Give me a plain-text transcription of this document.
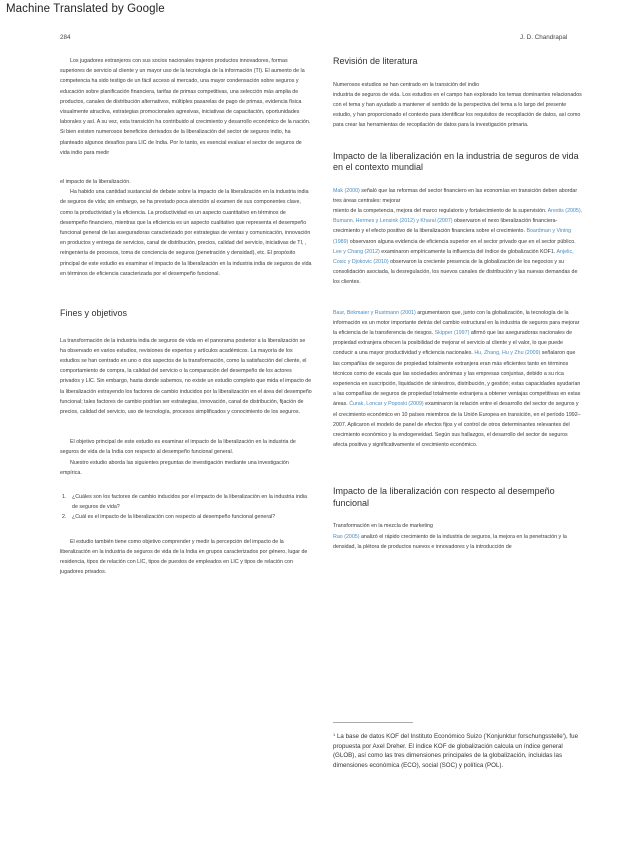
Machine Translated by Google
284	J. D. Chandrapal

Los jugadores extranjeros con sus socios nacionales trajeron productos innovadores, formas superiores de servicio al cliente y un mayor uso de la tecnología de la información (TI). El aumento de la competencia ha sido testigo de un fácil acceso al mercado, una mayor condensación sobre seguros y educación sobre planificación financiera, tarifas de primas competitivas, una selección más amplia de productos, canales de distribución alternativos, múltiples pasarelas de pago de primas, evidencia física visualmente atractiva, estrategias promocionales agresivas, iniciativas de capacitación, oportunidades laborales y así. A su vez, esta transición ha contribuido al crecimiento y desarrollo económico de la nación. Si bien existen numerosos beneficios derivados de la liberalización del sector de seguros indio, ha planteado algunos desafíos para LIC de India. Por lo tanto, es esencial evaluar el sector de seguros de vida indio para medir

el impacto de la liberalización.

Ha habido una cantidad sustancial de debate sobre la impacto de la liberalización en la industria india de seguros de vida; sin embargo, se ha prestado poca atención al examen de sus componentes clave, como la productividad y la eficiencia. La productividad es un aspecto cuantitativo en términos de desempeño financiero, mientras que la eficiencia es un aspecto cualitativo que representa el desempeño funcional general de las aseguradoras caracterizado por estrategias de ventas y comunicación, innovación en productos y entrega de servicios, canal de distribución, precios, calidad del servicio, iniciativas de TI, , reingeniería de procesos, toma de conciencia de seguros (penetración y densidad), etc. El propósito principal de este estudio es examinar el impacto de la liberalización en la industria india de seguros de vida en términos de eficiencia caracterizada por el desempeño funcional.

Fines y objetivos

La transformación de la industria india de seguros de vida en el panorama posterior a la liberalización se ha observado en varios estudios, revisiones de expertos y artículos académicos. La mayoría de los estudios se han centrado en uno o dos aspectos de la transformación, como la satisfacción del cliente, el comportamiento de compra, la calidad del servicio o la comparación del desempeño de los actores privados y LIC. Sin embargo, hasta donde sabemos, no existe un estudio completo que mida el impacto de la liberalización extrayendo los factores de cambio inducidos por la liberalización en el área del desempeño funcional; tales factores de cambio podrían ser estrategias, innovación, canal de distribución, fijación de precios, calidad del servicio, uso de tecnología, procesos simplificados y conocimiento de los seguros.

El objetivo principal de este estudio es examinar el impacto de la liberalización en la industria de seguros de vida de la India con respecto al desempeño funcional general.

Nuestro estudio aborda las siguientes preguntas de investigación mediante una investigación empírica.

1. ¿Cuáles son los factores de cambio inducidos por el impacto de la liberalización en la industria india de seguros de vida?
2. ¿Cuál es el impacto de la liberalización con respecto al desempeño funcional general?

El estudio también tiene como objetivo comprender y medir la percepción del impacto de la liberalización en la industria de seguros de vida de la India en grupos caracterizados por género, lugar de residencia, tipos de relación con LIC, tipos de puestos de empleados en LIC y tipos de relación con jugadores privados.

Revisión de literatura

Numerosos estudios se han centrado en la transición del indio

industria de seguros de vida. Los estudios en el campo han explorado los temas dominantes relacionados con el tema y han ayudado a mantener el sentido de la perspectiva del tema a lo largo del presente estudio, y han proporcionado el contexto para identificar los requisitos de recopilación de datos, así como para crear las herramientas de recopilación de datos para la investigación primaria.

Impacto de la liberalización en la industria de seguros de vida en el contexto mundial

Mak (2000) señaló que las reformas del sector financiero en las economías en transición deben abordar tres áreas centrales: mejorar
miento de la competencia, mejora del marco regulatorio y fortalecimiento de la supervisión. Arestis (2005), Bumann, Hermes y Lensink (2012) y Kharal (2007) observaron el nexo liberalización financiera-crecimiento y el efecto positivo de la liberalización financiera sobre el crecimiento. Boardman y Vining (1989) observaron alguna evidencia de eficiencia superior en el sector privado que en el sector público. Lee y Chang (2012) examinaron empíricamente la influencia del índice de globalización KOF1. Anjelic, Cosic y Djokovic (2010) observaron la creciente presencia de la globalización de los negocios y su consolidación asociada, la desregulación, los nuevos canales de distribución y las nuevas demandas de los clientes.

Baur, Birkmaier y Rustmann (2001) argumentaron que, junto con la globalización, la tecnología de la información es un motor importante detrás del cambio estructural en la industria de seguros para mejorar la eficiencia de la transferencia de riesgos. Skipper (1997) afirmó que las aseguradoras nacionales de propiedad extranjera ofrecen la posibilidad de mejorar el servicio al cliente y el valor, lo que puede conducir a una mayor productividad y eficiencia nacionales. Hu, Zhang, Hu y Zhu (2009) señalaron que las compañías de seguros de propiedad totalmente extranjera eran más eficientes tanto en términos técnicos como de escala que las sociedades anónimas y las empresas conjuntas, debido a su rica experiencia en suscripción, liquidación de siniestros, distribución, y gestión; estas capacidades ayudarían a las compañías de seguros de propiedad totalmente extranjera a obtener ventajas competitivas en estas áreas. Ćurak, Loncar y Poposki (2009) examinaron la relación entre el desarrollo del sector de seguros y el crecimiento económico en 10 países miembros de la Unión Europea en transición, en el período 1992–2007. Aplicaron el modelo de panel de efectos fijos y el control de otros determinantes relevantes del crecimiento económico y la endogeneidad. Según sus hallazgos, el desarrollo del sector de seguros afecta positiva y significativamente el crecimiento económico.

Impacto de la liberalización con respecto al desempeño funcional

Transformación en la mezcla de marketing
Rao (2005) analizó el rápido crecimiento de la industria de seguros, la mejora en la penetración y la densidad, la plétora de productos nuevos e innovadores y la introducción de

$^1$ La base de datos KOF del Instituto Económico Suizo ('Konjunktur forschungsstelle'), fue propuesta por Axel Dreher. El índice KOF de globalización calcula un índice general (GLOB), así como las tres dimensiones principales de la globalización, incluidas las dimensiones económica (ECO), social (SOC) y política (POL).
